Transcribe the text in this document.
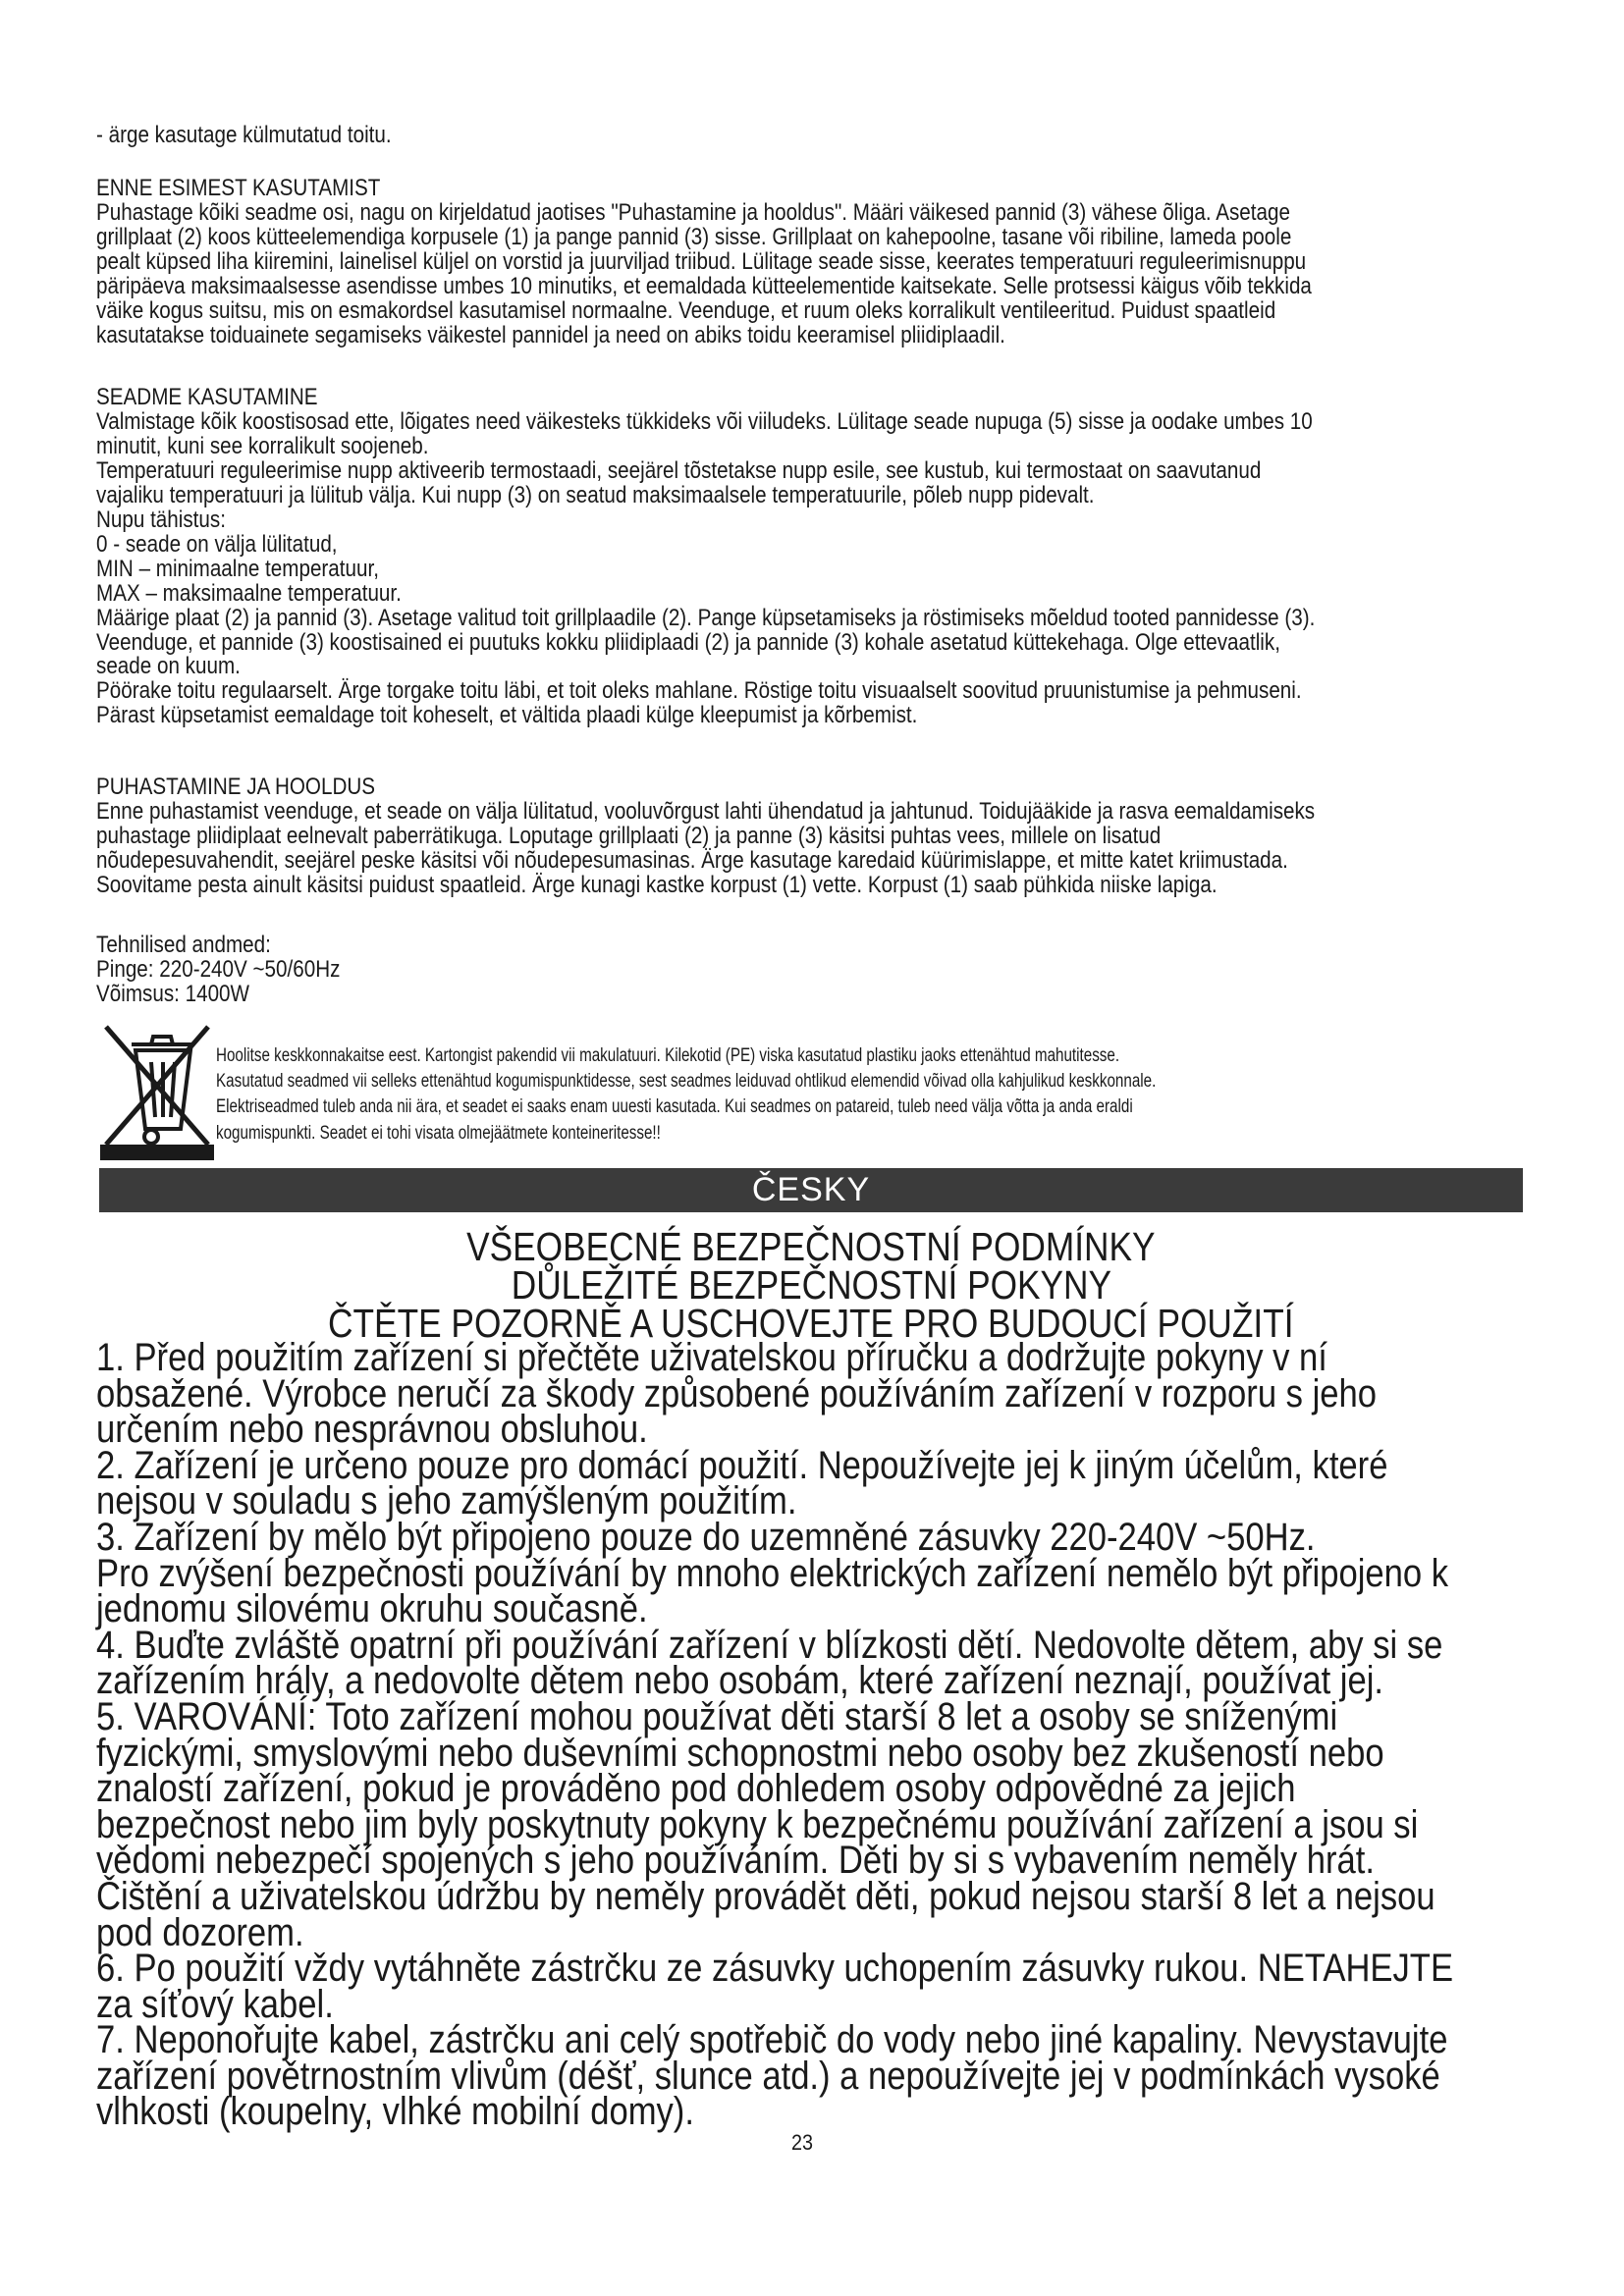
- ärge kasutage külmutatud toitu.

ENNE ESIMEST KASUTAMIST

Puhastage kõiki seadme osi, nagu on kirjeldatud jaotises "Puhastamine ja hooldus". Määri väikesed pannid (3) vähese õliga. Asetage

grillplaat (2) koos kütteelemendiga korpusele (1) ja pange pannid (3) sisse. Grillplaat on kahepoolne, tasane või ribiline, lameda poole

pealt küpsed liha kiiremini, lainelisel küljel on vorstid ja juurviljad triibud. Lülitage seade sisse, keerates temperatuuri reguleerimisnuppu

päripäeva maksimaalsesse asendisse umbes 10 minutiks, et eemaldada kütteelementide kaitsekate. Selle protsessi käigus võib tekkida

väike kogus suitsu, mis on esmakordsel kasutamisel normaalne. Veenduge, et ruum oleks korralikult ventileeritud. Puidust spaatleid

kasutatakse toiduainete segamiseks väikestel pannidel ja need on abiks toidu keeramisel pliidiplaadil.

SEADME KASUTAMINE

Valmistage kõik koostisosad ette, lõigates need väikesteks tükkideks või viiludeks. Lülitage seade nupuga (5) sisse ja oodake umbes 10

minutit, kuni see korralikult soojeneb.

Temperatuuri reguleerimise nupp aktiveerib termostaadi, seejärel tõstetakse nupp esile, see kustub, kui termostaat on saavutanud

vajaliku temperatuuri ja lülitub välja. Kui nupp (3) on seatud maksimaalsele temperatuurile, põleb nupp pidevalt.

Nupu tähistus:

0 - seade on välja lülitatud,

MIN – minimaalne temperatuur,

MAX – maksimaalne temperatuur.

Määrige plaat (2) ja pannid (3). Asetage valitud toit grillplaadile (2). Pange küpsetamiseks ja röstimiseks mõeldud tooted pannidesse (3).

Veenduge, et pannide (3) koostisained ei puutuks kokku pliidiplaadi (2) ja pannide (3) kohale asetatud küttekehaga. Olge ettevaatlik,

seade on kuum.

Pöörake toitu regulaarselt. Ärge torgake toitu läbi, et toit oleks mahlane. Röstige toitu visuaalselt soovitud pruunistumise ja pehmuseni.

Pärast küpsetamist eemaldage toit koheselt, et vältida plaadi külge kleepumist ja kõrbemist.

PUHASTAMINE JA HOOLDUS

Enne puhastamist veenduge, et seade on välja lülitatud, vooluvõrgust lahti ühendatud ja jahtunud. Toidujääkide ja rasva eemaldamiseks

puhastage pliidiplaat eelnevalt paberrätikuga. Loputage grillplaati (2) ja panne (3) käsitsi puhtas vees, millele on lisatud

nõudepesuvahendit, seejärel peske käsitsi või nõudepesumasinas. Ärge kasutage karedaid küürimislappe, et mitte katet kriimustada.

Soovitame pesta ainult käsitsi puidust spaatleid. Ärge kunagi kastke korpust (1) vette. Korpust (1) saab pühkida niiske lapiga.

Tehnilised andmed:

Pinge: 220-240V ~50/60Hz

Võimsus: 1400W

Hoolitse keskkonnakaitse eest. Kartongist pakendid vii makulatuuri. Kilekotid (PE) viska kasutatud plastiku jaoks ettenähtud mahutitesse.

Kasutatud seadmed vii selleks ettenähtud kogumispunktidesse, sest seadmes leiduvad ohtlikud elemendid võivad olla kahjulikud keskkonnale.

Elektriseadmed tuleb anda nii ära, et seadet ei saaks enam uuesti kasutada. Kui seadmes on patareid, tuleb need välja võtta ja anda eraldi

kogumispunkti. Seadet ei tohi visata olmejäätmete konteineritesse!!

ČESKY
VŠEOBECNÉ BEZPEČNOSTNÍ PODMÍNKY
DŮLEŽITÉ BEZPEČNOSTNÍ POKYNY
ČTĚTE POZORNĚ A USCHOVEJTE PRO BUDOUCÍ POUŽITÍ

1. Před použitím zařízení si přečtěte uživatelskou příručku a dodržujte pokyny v ní

obsažené. Výrobce neručí za škody způsobené používáním zařízení v rozporu s jeho

určením nebo nesprávnou obsluhou.

2. Zařízení je určeno pouze pro domácí použití. Nepoužívejte jej k jiným účelům, které

nejsou v souladu s jeho zamýšleným použitím.

3. Zařízení by mělo být připojeno pouze do uzemněné zásuvky 220-240V ~50Hz.

Pro zvýšení bezpečnosti používání by mnoho elektrických zařízení nemělo být připojeno k

jednomu silovému okruhu současně.

4. Buďte zvláště opatrní při používání zařízení v blízkosti dětí. Nedovolte dětem, aby si se

zařízením hrály, a nedovolte dětem nebo osobám, které zařízení neznají, používat jej.

5. VAROVÁNÍ: Toto zařízení mohou používat děti starší 8 let a osoby se sníženými

fyzickými, smyslovými nebo duševními schopnostmi nebo osoby bez zkušeností nebo

znalostí zařízení, pokud je prováděno pod dohledem osoby odpovědné za jejich

bezpečnost nebo jim byly poskytnuty pokyny k bezpečnému používání zařízení a jsou si

vědomi nebezpečí spojených s jeho používáním. Děti by si s vybavením neměly hrát.

Čištění a uživatelskou údržbu by neměly provádět děti, pokud nejsou starší 8 let a nejsou

pod dozorem.

6. Po použití vždy vytáhněte zástrčku ze zásuvky uchopením zásuvky rukou. NETAHEJTE

za síťový kabel.

7. Neponořujte kabel, zástrčku ani celý spotřebič do vody nebo jiné kapaliny. Nevystavujte

zařízení povětrnostním vlivům (déšť, slunce atd.) a nepoužívejte jej v podmínkách vysoké

vlhkosti (koupelny, vlhké mobilní domy).

23
